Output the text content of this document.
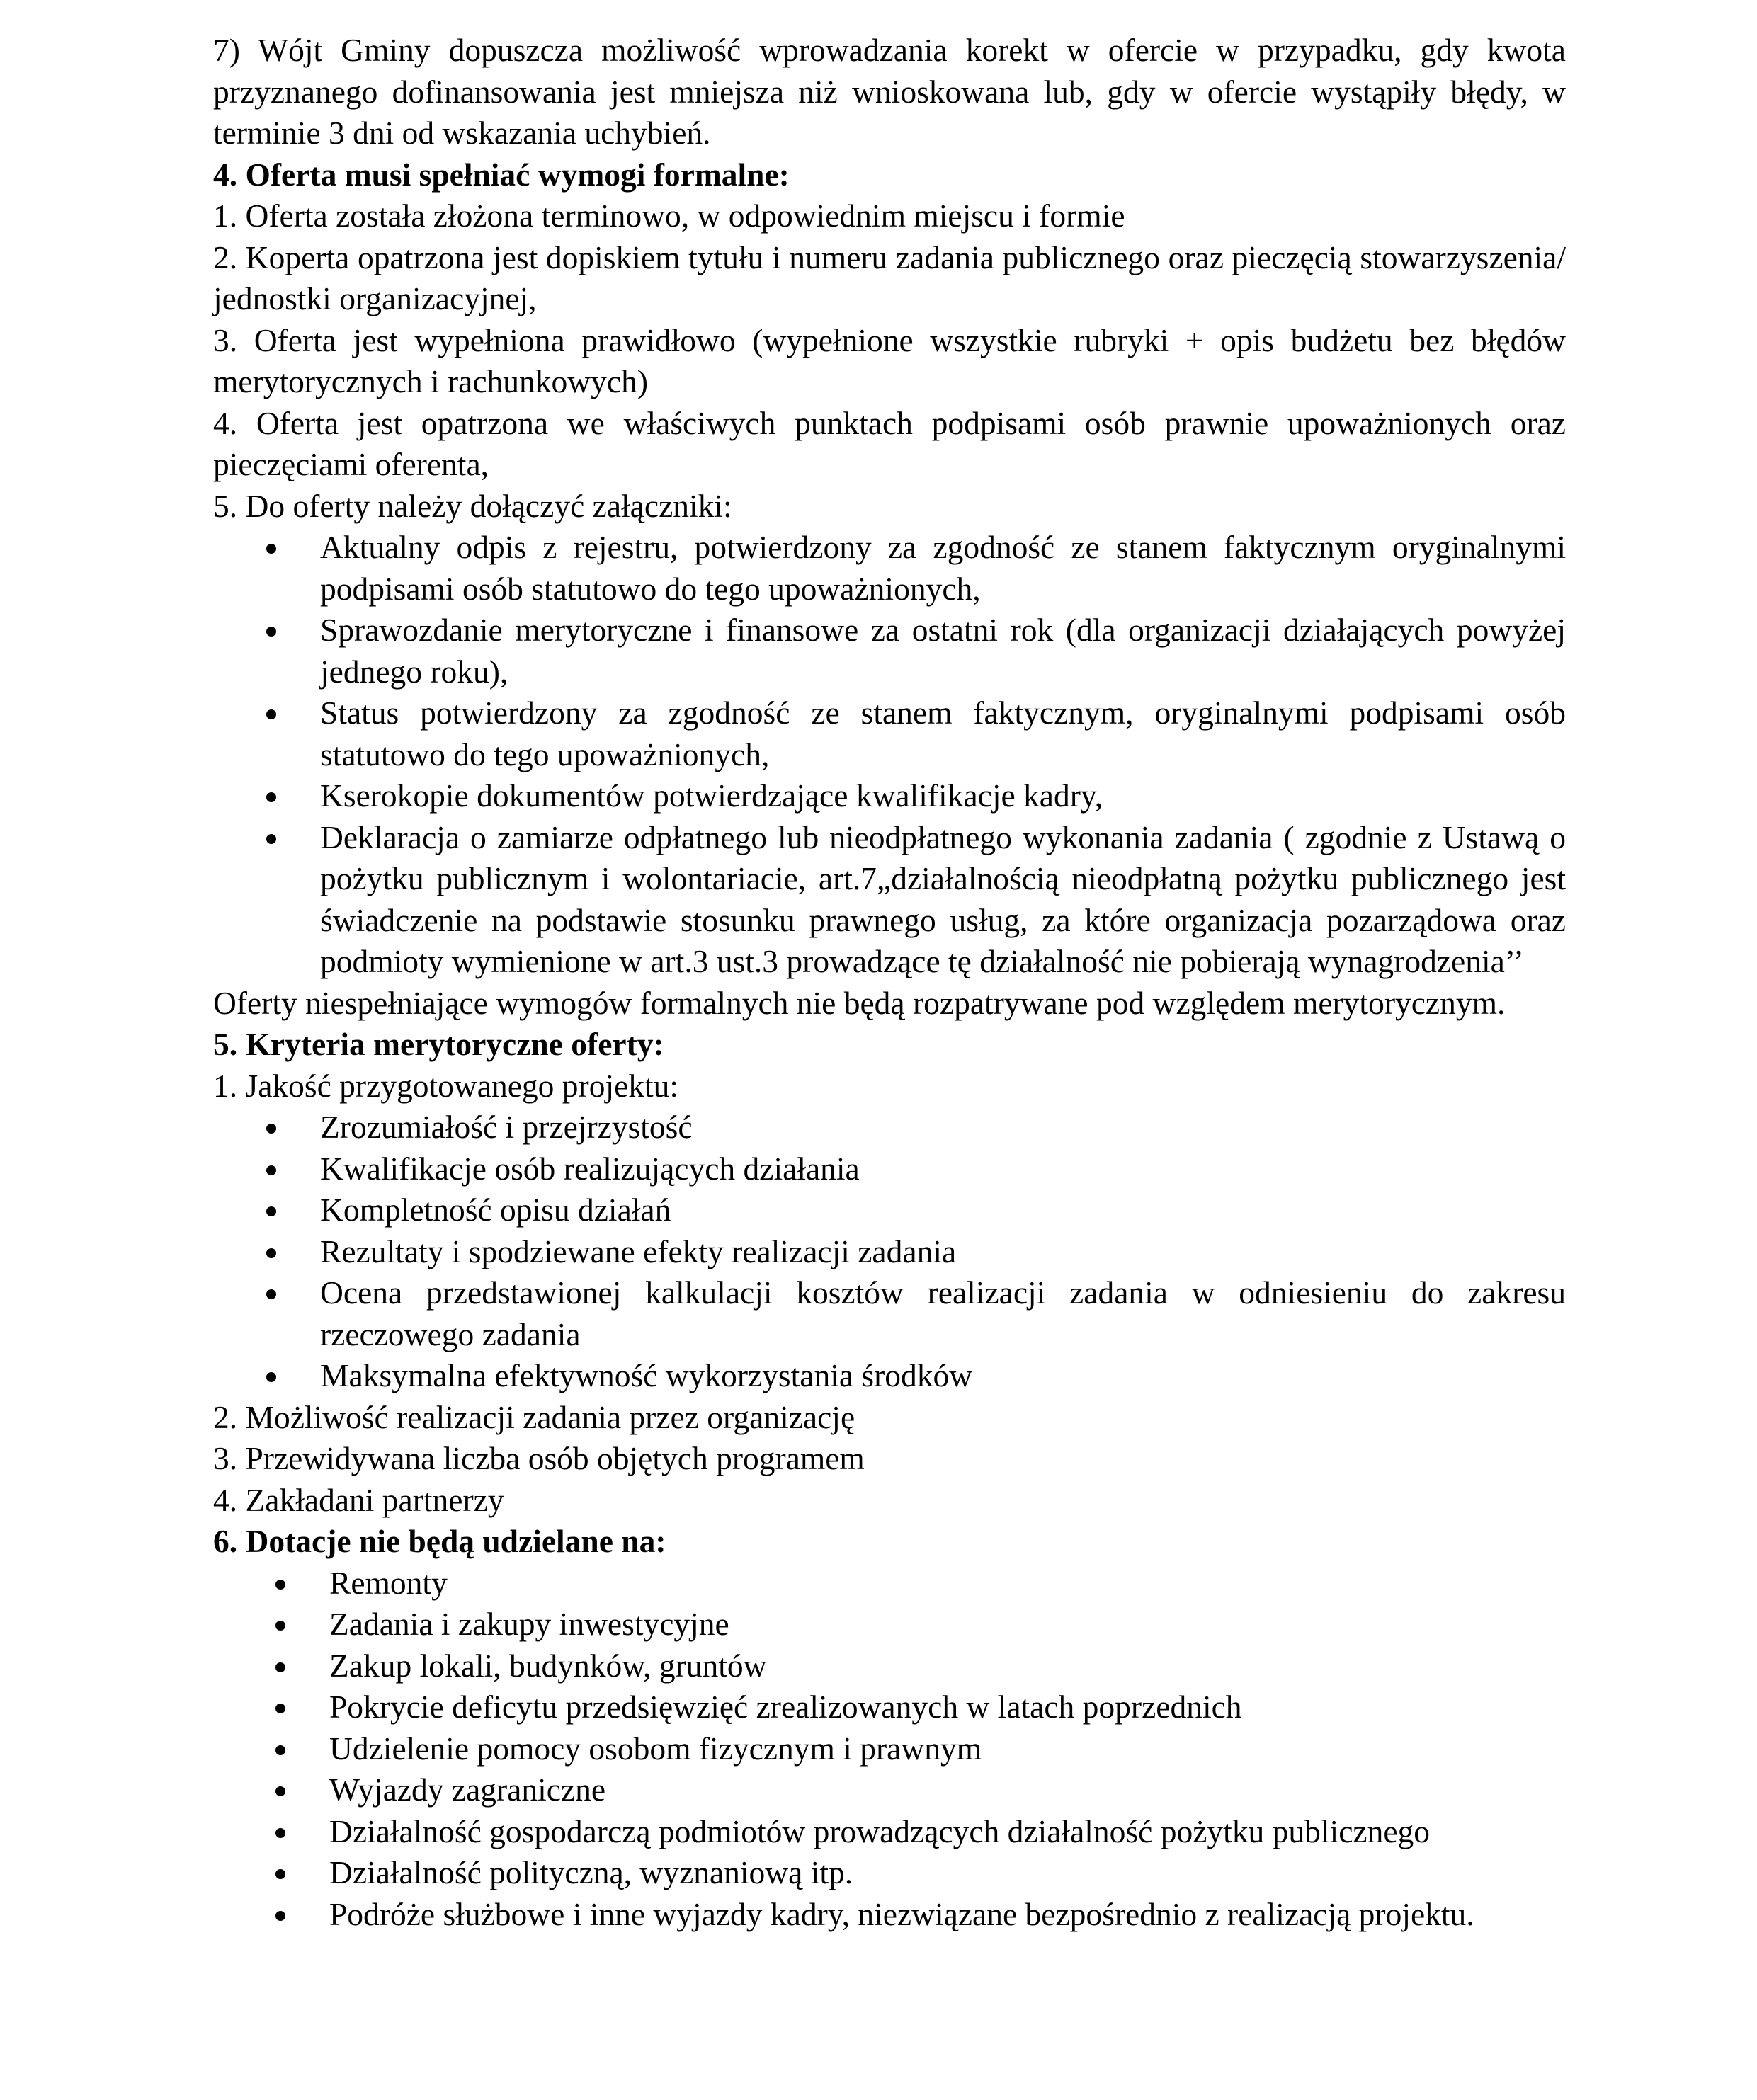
7) Wójt Gminy dopuszcza możliwość wprowadzania korekt w ofercie w przypadku, gdy kwota przyznanego dofinansowania jest mniejsza niż wnioskowana lub, gdy w ofercie wystąpiły błędy, w terminie 3 dni od wskazania uchybień.

4. Oferta musi spełniać wymogi formalne:

1. Oferta została złożona terminowo, w odpowiednim miejscu i formie

2. Koperta opatrzona jest dopiskiem tytułu i numeru zadania publicznego oraz pieczęcią stowarzyszenia/ jednostki organizacyjnej,

3. Oferta jest wypełniona prawidłowo (wypełnione wszystkie rubryki + opis budżetu bez błędów merytorycznych i rachunkowych)

4. Oferta jest opatrzona we właściwych punktach podpisami osób prawnie upoważnionych oraz pieczęciami oferenta,

5. Do oferty należy dołączyć załączniki:

Aktualny odpis z rejestru, potwierdzony za zgodność ze stanem faktycznym oryginalnymi podpisami osób statutowo do tego upoważnionych,
Sprawozdanie merytoryczne i finansowe za ostatni rok (dla organizacji działających powyżej jednego roku),
Status potwierdzony za zgodność ze stanem faktycznym, oryginalnymi podpisami osób statutowo do tego upoważnionych,
Kserokopie dokumentów potwierdzające kwalifikacje kadry,
Deklaracja o zamiarze odpłatnego lub nieodpłatnego wykonania zadania ( zgodnie z Ustawą o pożytku publicznym i wolontariacie, art.7„działalnością nieodpłatną pożytku publicznego jest świadczenie na podstawie stosunku prawnego usług, za które organizacja pozarządowa oraz podmioty wymienione w art.3 ust.3 prowadzące tę działalność nie pobierają wynagrodzenia’’

Oferty niespełniające wymogów formalnych nie będą rozpatrywane pod względem merytorycznym.

5. Kryteria merytoryczne oferty:

1. Jakość przygotowanego projektu:

Zrozumiałość i przejrzystość
Kwalifikacje osób realizujących działania
Kompletność opisu działań
Rezultaty i spodziewane efekty realizacji zadania
Ocena przedstawionej kalkulacji kosztów realizacji zadania w odniesieniu do zakresu rzeczowego zadania
Maksymalna efektywność wykorzystania środków

2. Możliwość realizacji zadania przez organizację

3. Przewidywana liczba osób objętych programem

4. Zakładani partnerzy

6. Dotacje nie będą udzielane na:

Remonty
Zadania i zakupy inwestycyjne
Zakup lokali, budynków, gruntów
Pokrycie deficytu przedsięwzięć zrealizowanych w latach poprzednich
Udzielenie pomocy osobom fizycznym i prawnym
Wyjazdy zagraniczne
Działalność gospodarczą podmiotów prowadzących działalność pożytku publicznego
Działalność polityczną, wyznaniową itp.
Podróże służbowe i inne wyjazdy kadry, niezwiązane bezpośrednio z realizacją projektu.
